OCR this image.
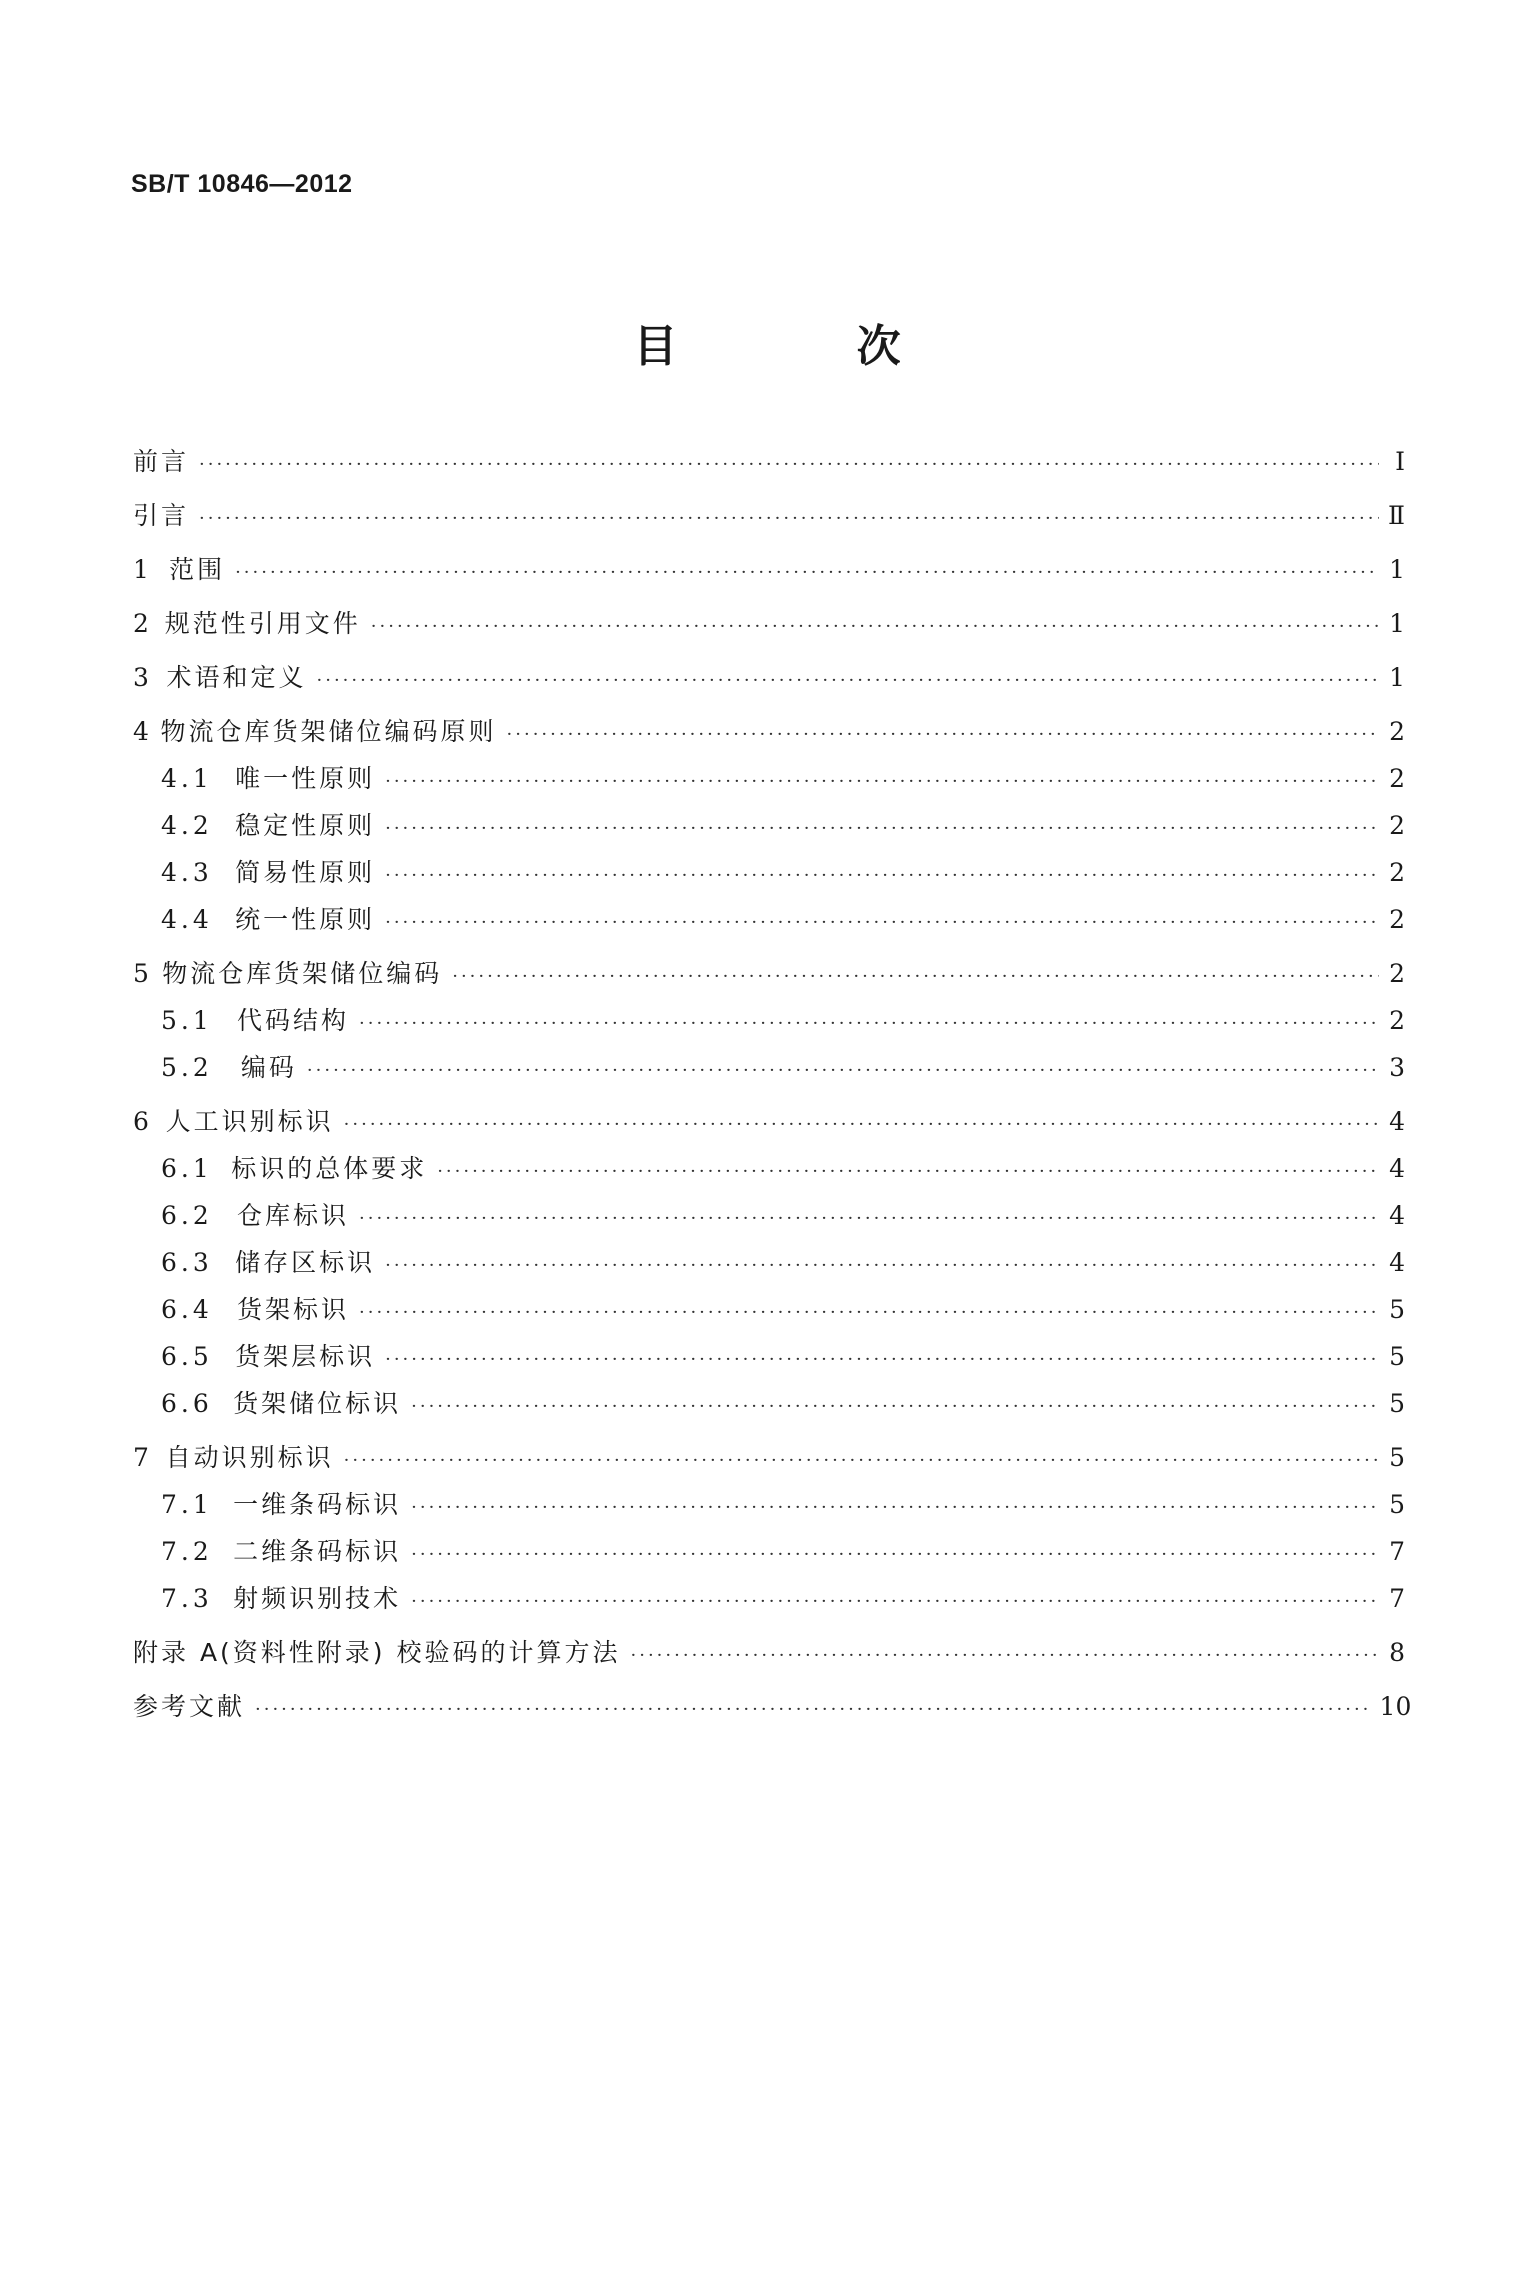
SB/T 10846—2012
目 次
前言 ·····	Ⅰ
引言 ·····	Ⅱ
1 范围 ·····	1
2 规范性引用文件 ·····	1
3 术语和定义 ·····	1
4 物流仓库货架储位编码原则 ·····	2
4.1 唯一性原则 ·····	2
4.2 稳定性原则 ·····	2
4.3 简易性原则 ·····	2
4.4 统一性原则 ·····	2
5 物流仓库货架储位编码 ·····	2
5.1 代码结构 ·····	2
5.2	编码 ·····	3
6 人工识别标识 ·····	4
6.1 标识的总体要求 ·····	4
6.2 仓库标识 ·····	4
6.3 储存区标识 ·····	4
6.4 货架标识 ·····	5
6.5 货架层标识 ·····	5
6.6 货架储位标识 ·····	5
7 自动识别标识 ·····	5
7.1 一维条码标识 ·····	5
7.2 二维条码标识 ·····	7
7.3 射频识别技术 ·····	7
附录 A(资料性附录) 校验码的计算方法 ·····	8
参考文献 ·····	10
